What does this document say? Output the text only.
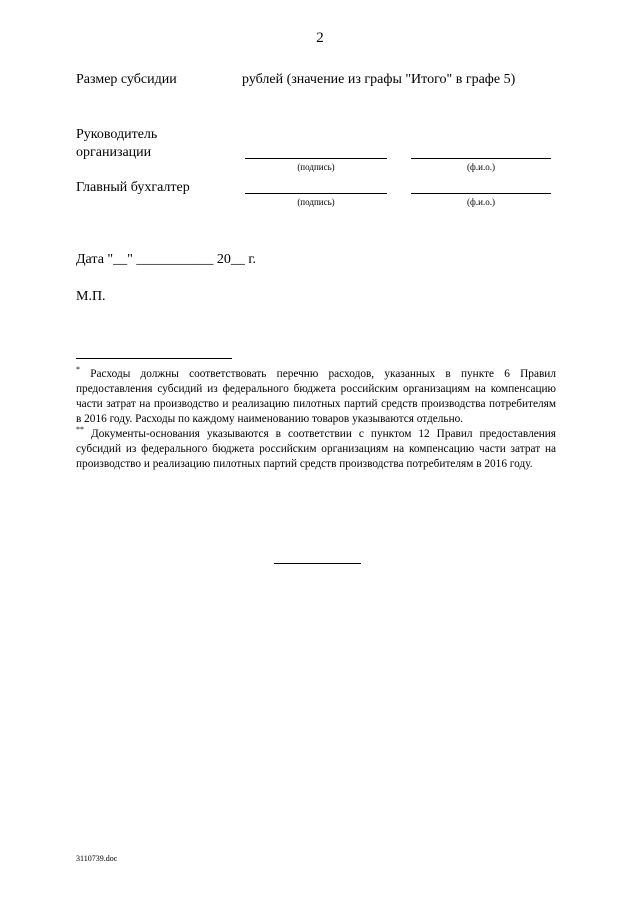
2
Размер субсидии	рублей (значение из графы "Итого" в графе 5)
Руководитель
организации
(подпись)	(ф.и.о.)
Главный бухгалтер
(подпись)	(ф.и.о.)
Дата "__" ___________ 20__ г.
М.П.

* Расходы должны соответствовать перечню расходов, указанных в пункте 6 Правил предоставления субсидий из федерального бюджета российским организациям на компенсацию части затрат на производство и реализацию пилотных партий средств производства потребителям в 2016 году. Расходы по каждому наименованию товаров указываются отдельно.

** Документы-основания указываются в соответствии с пунктом 12 Правил предоставления субсидий из федерального бюджета российским организациям на компенсацию части затрат на производство и реализацию пилотных партий средств производства потребителям в 2016 году.

3110739.doc
